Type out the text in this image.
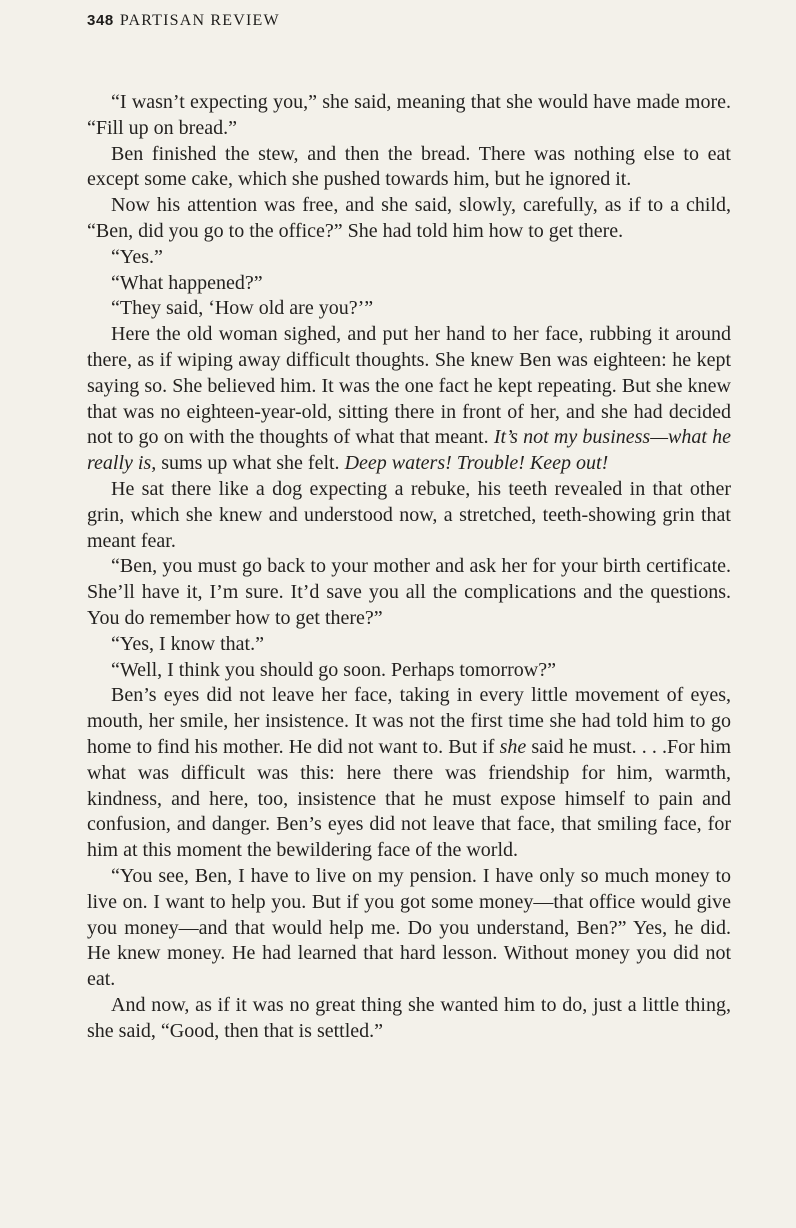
348 PARTISAN REVIEW

“I wasn’t expecting you,” she said, meaning that she would have made more. “Fill up on bread.”

Ben finished the stew, and then the bread. There was nothing else to eat except some cake, which she pushed towards him, but he ignored it.

Now his attention was free, and she said, slowly, carefully, as if to a child, “Ben, did you go to the office?” She had told him how to get there.

“Yes.”

“What happened?”

“They said, ‘How old are you?’”

Here the old woman sighed, and put her hand to her face, rubbing it around there, as if wiping away difficult thoughts. She knew Ben was eighteen: he kept saying so. She believed him. It was the one fact he kept repeating. But she knew that was no eighteen-year-old, sitting there in front of her, and she had decided not to go on with the thoughts of what that meant. It’s not my business—what he really is, sums up what she felt. Deep waters! Trouble! Keep out!

He sat there like a dog expecting a rebuke, his teeth revealed in that other grin, which she knew and understood now, a stretched, teeth-showing grin that meant fear.

“Ben, you must go back to your mother and ask her for your birth certificate. She’ll have it, I’m sure. It’d save you all the complications and the questions. You do remember how to get there?”

“Yes, I know that.”

“Well, I think you should go soon. Perhaps tomorrow?”

Ben’s eyes did not leave her face, taking in every little movement of eyes, mouth, her smile, her insistence. It was not the first time she had told him to go home to find his mother. He did not want to. But if she said he must. . . .For him what was difficult was this: here there was friendship for him, warmth, kindness, and here, too, insistence that he must expose himself to pain and confusion, and danger. Ben’s eyes did not leave that face, that smiling face, for him at this moment the bewildering face of the world.

“You see, Ben, I have to live on my pension. I have only so much money to live on. I want to help you. But if you got some money—that office would give you money—and that would help me. Do you understand, Ben?” Yes, he did. He knew money. He had learned that hard lesson. Without money you did not eat.

And now, as if it was no great thing she wanted him to do, just a little thing, she said, “Good, then that is settled.”
